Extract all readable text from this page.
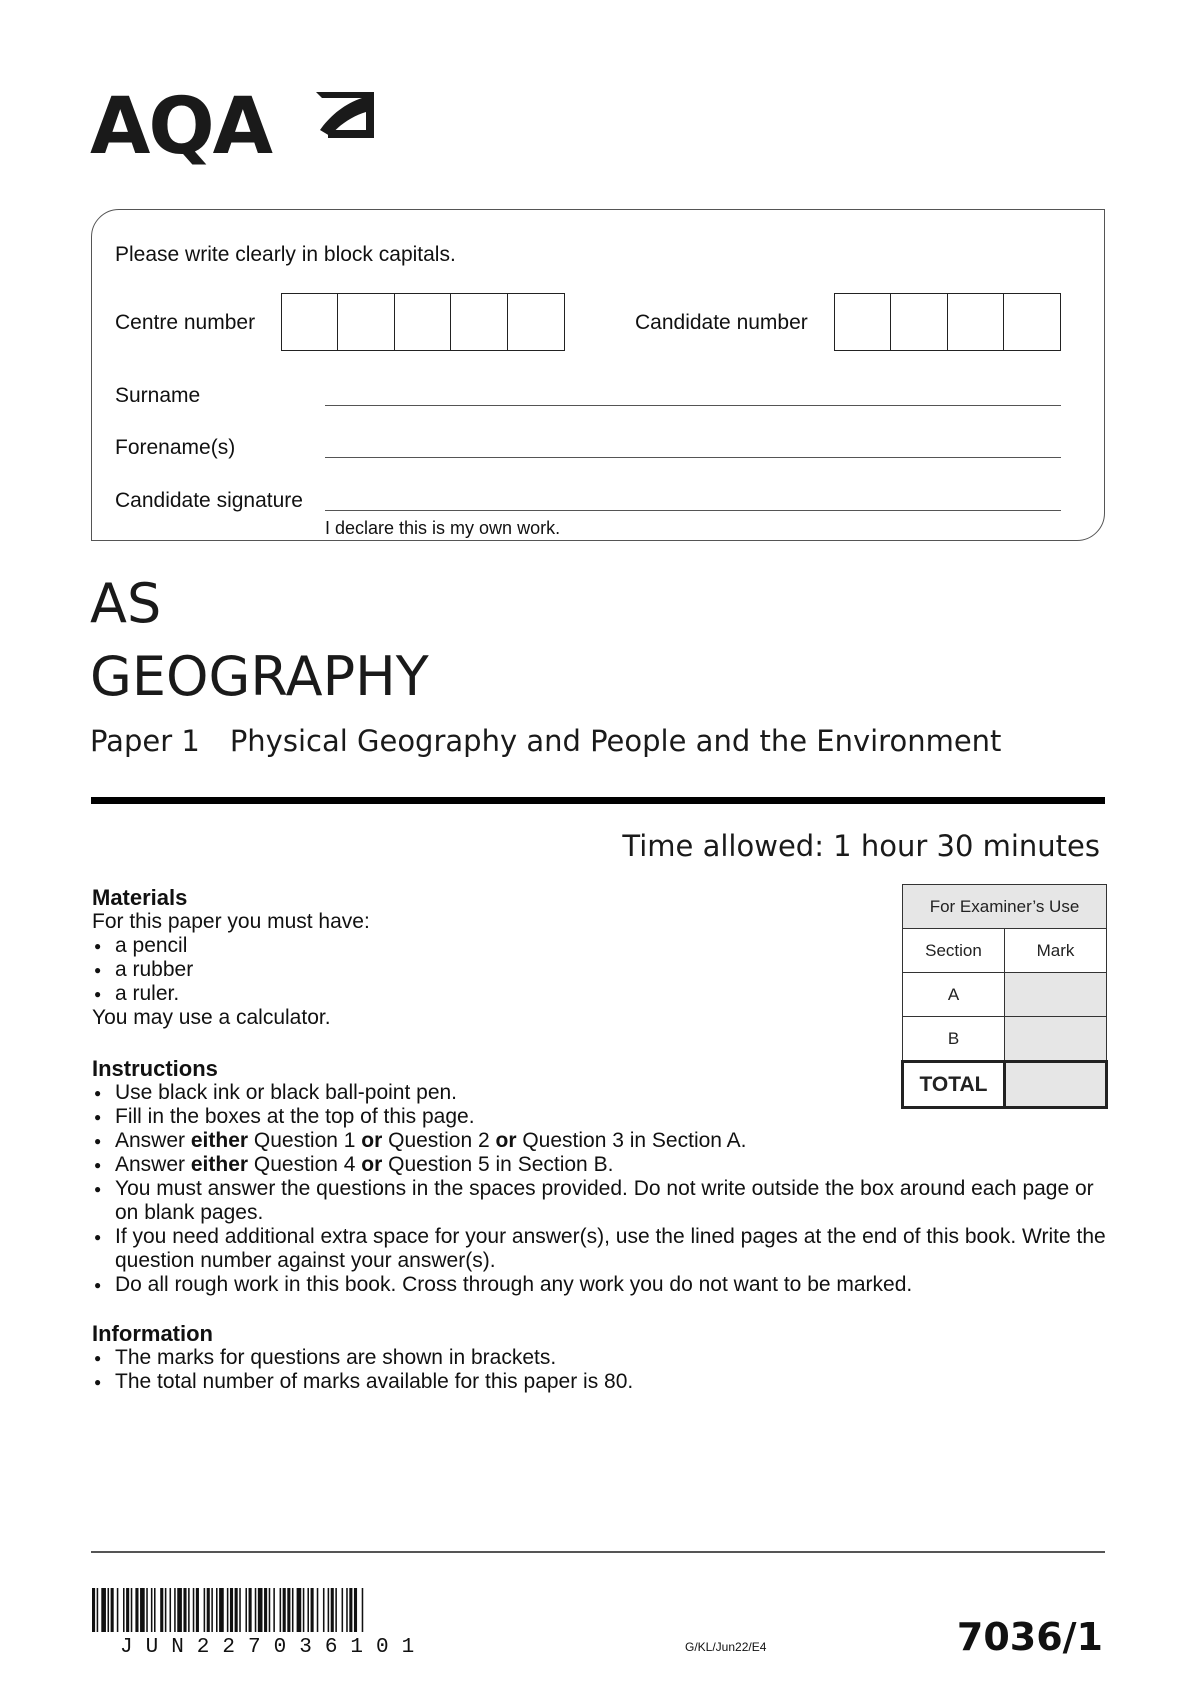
AQA
Please write clearly in block capitals.
Centre number	Candidate number
Surname
Forename(s)
Candidate signature
I declare this is my own work.
AS
GEOGRAPHY
Paper 1 Physical Geography and People and the Environment
Time allowed: 1 hour 30 minutes
Materials
For this paper you must have:
● a pencil
● a rubber
● a ruler.
You may use a calculator.
Instructions
● Use black ink or black ball-point pen.
● Fill in the boxes at the top of this page.
● Answer either Question 1 or Question 2 or Question 3 in Section A.
● Answer either Question 4 or Question 5 in Section B.
● You must answer the questions in the spaces provided. Do not write outside the box around each page or on blank pages.
● If you need additional extra space for your answer(s), use the lined pages at the end of this book. Write the question number against your answer(s).
● Do all rough work in this book. Cross through any work you do not want to be marked.
Information
● The marks for questions are shown in brackets.
● The total number of marks available for this paper is 80.
For Examiner’s Use	
Section	Mark
A	
B	
TOTAL	
JUN227036101	G/KL/Jun22/E4	7036/1
